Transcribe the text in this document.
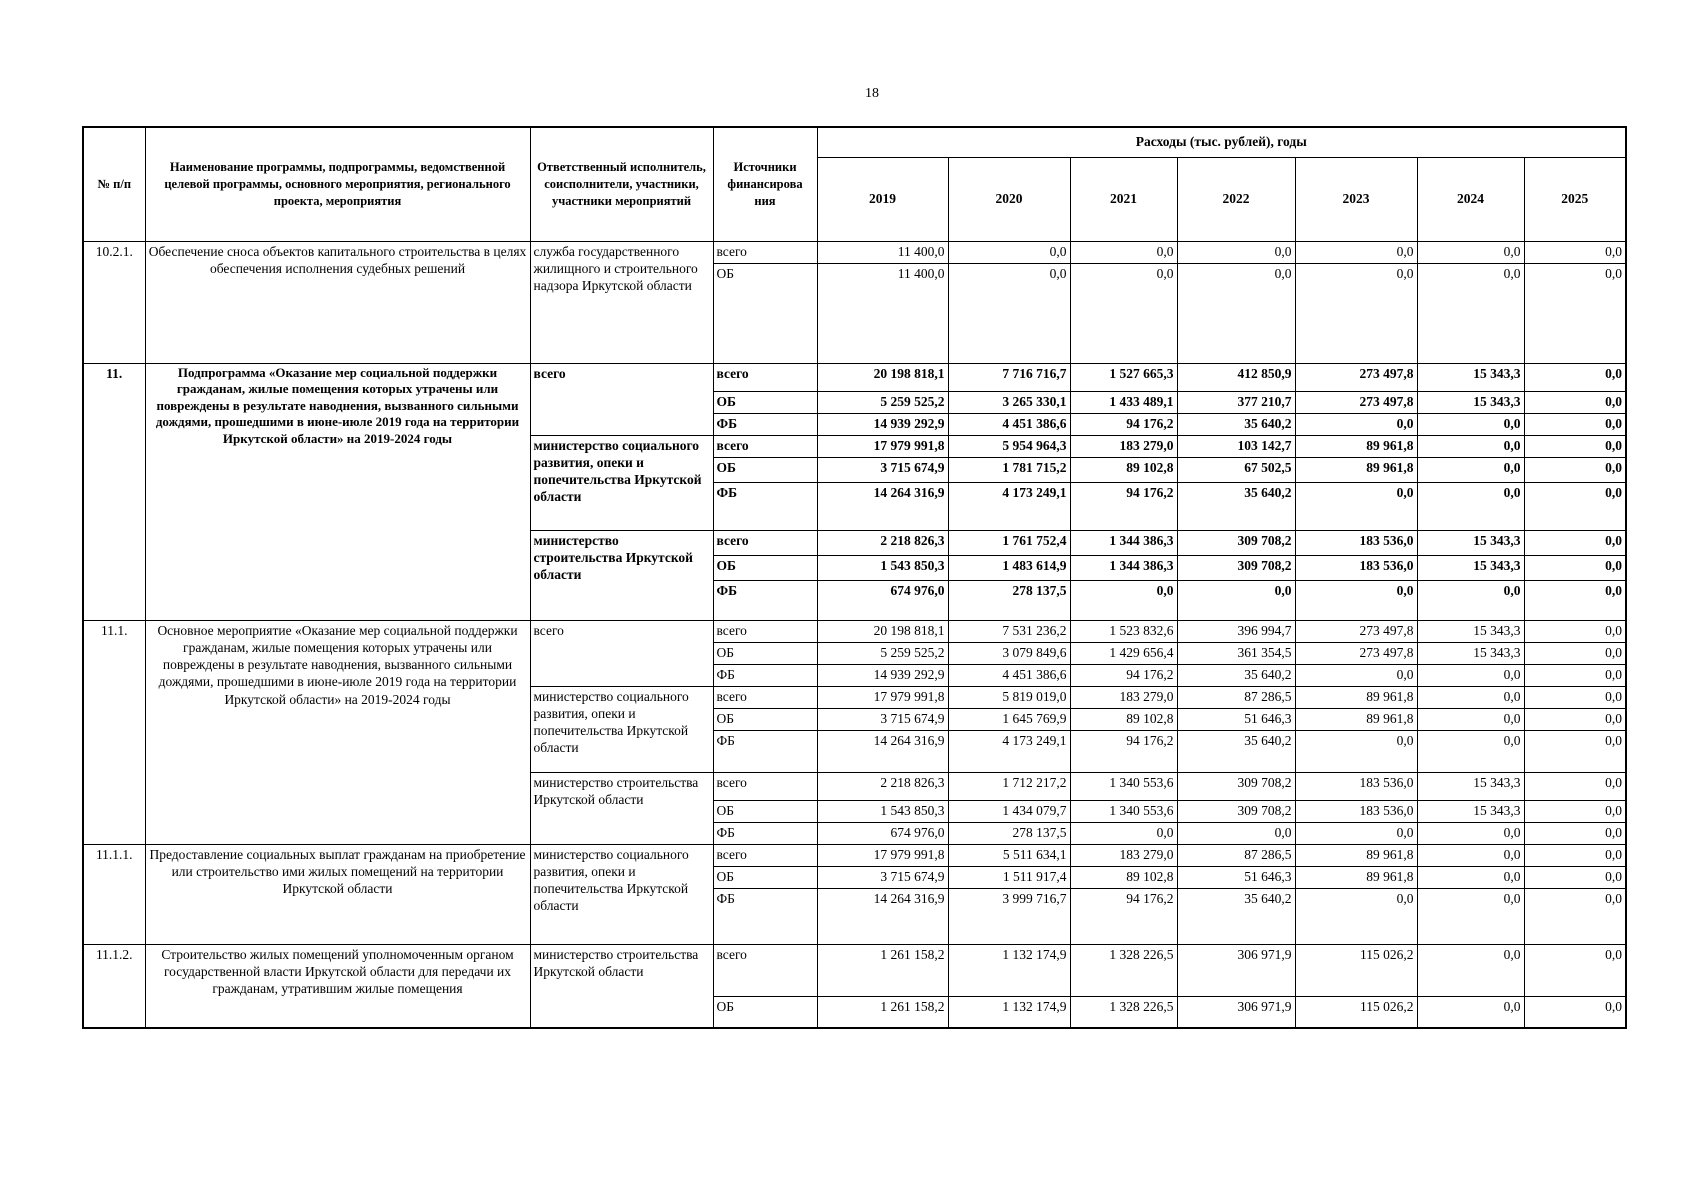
18
№ п/п	Наименование программы, подпрограммы, ведомственной целевой программы, основного мероприятия, регионального проекта, мероприятия	Ответственный исполнитель, соисполнители, участники, участники мероприятий	Источники финансирова ния	Расходы (тыс. рублей), годы						
				2019	2020	2021	2022	2023	2024	2025
10.2.1.	Обеспечение сноса объектов капитального строительства в целях обеспечения исполнения судебных решений	служба государственного жилищного и строительного надзора Иркутской области	всего	11 400,0	0,0	0,0	0,0	0,0	0,0	0,0
			ОБ	11 400,0	0,0	0,0	0,0	0,0	0,0	0,0
11.	Подпрограмма «Оказание мер социальной поддержки гражданам, жилые помещения которых утрачены или повреждены в результате наводнения, вызванного сильными дождями, прошедшими в июне-июле 2019 года на территории Иркутской области» на 2019-2024 годы	всего	всего	20 198 818,1	7 716 716,7	1 527 665,3	412 850,9	273 497,8	15 343,3	0,0
			ОБ	5 259 525,2	3 265 330,1	1 433 489,1	377 210,7	273 497,8	15 343,3	0,0
			ФБ	14 939 292,9	4 451 386,6	94 176,2	35 640,2	0,0	0,0	0,0
		министерство социального развития, опеки и попечительства Иркутской области	всего	17 979 991,8	5 954 964,3	183 279,0	103 142,7	89 961,8	0,0	0,0
			ОБ	3 715 674,9	1 781 715,2	89 102,8	67 502,5	89 961,8	0,0	0,0
			ФБ	14 264 316,9	4 173 249,1	94 176,2	35 640,2	0,0	0,0	0,0
		министерство строительства Иркутской области	всего	2 218 826,3	1 761 752,4	1 344 386,3	309 708,2	183 536,0	15 343,3	0,0
			ОБ	1 543 850,3	1 483 614,9	1 344 386,3	309 708,2	183 536,0	15 343,3	0,0
			ФБ	674 976,0	278 137,5	0,0	0,0	0,0	0,0	0,0
11.1.	Основное мероприятие «Оказание мер социальной поддержки гражданам, жилые помещения которых утрачены или повреждены в результате наводнения, вызванного сильными дождями, прошедшими в июне-июле 2019 года на территории Иркутской области» на 2019-2024 годы	всего	всего	20 198 818,1	7 531 236,2	1 523 832,6	396 994,7	273 497,8	15 343,3	0,0
			ОБ	5 259 525,2	3 079 849,6	1 429 656,4	361 354,5	273 497,8	15 343,3	0,0
			ФБ	14 939 292,9	4 451 386,6	94 176,2	35 640,2	0,0	0,0	0,0
		министерство социального развития, опеки и попечительства Иркутской области	всего	17 979 991,8	5 819 019,0	183 279,0	87 286,5	89 961,8	0,0	0,0
			ОБ	3 715 674,9	1 645 769,9	89 102,8	51 646,3	89 961,8	0,0	0,0
			ФБ	14 264 316,9	4 173 249,1	94 176,2	35 640,2	0,0	0,0	0,0
		министерство строительства Иркутской области	всего	2 218 826,3	1 712 217,2	1 340 553,6	309 708,2	183 536,0	15 343,3	0,0
			ОБ	1 543 850,3	1 434 079,7	1 340 553,6	309 708,2	183 536,0	15 343,3	0,0
			ФБ	674 976,0	278 137,5	0,0	0,0	0,0	0,0	0,0
11.1.1.	Предоставление социальных выплат гражданам на приобретение или строительство ими жилых помещений на территории Иркутской области	министерство социального развития, опеки и попечительства Иркутской области	всего	17 979 991,8	5 511 634,1	183 279,0	87 286,5	89 961,8	0,0	0,0
			ОБ	3 715 674,9	1 511 917,4	89 102,8	51 646,3	89 961,8	0,0	0,0
			ФБ	14 264 316,9	3 999 716,7	94 176,2	35 640,2	0,0	0,0	0,0
11.1.2.	Строительство жилых помещений уполномоченным органом государственной власти Иркутской области для передачи их гражданам, утратившим жилые помещения	министерство строительства Иркутской области	всего	1 261 158,2	1 132 174,9	1 328 226,5	306 971,9	115 026,2	0,0	0,0
			ОБ	1 261 158,2	1 132 174,9	1 328 226,5	306 971,9	115 026,2	0,0	0,0
